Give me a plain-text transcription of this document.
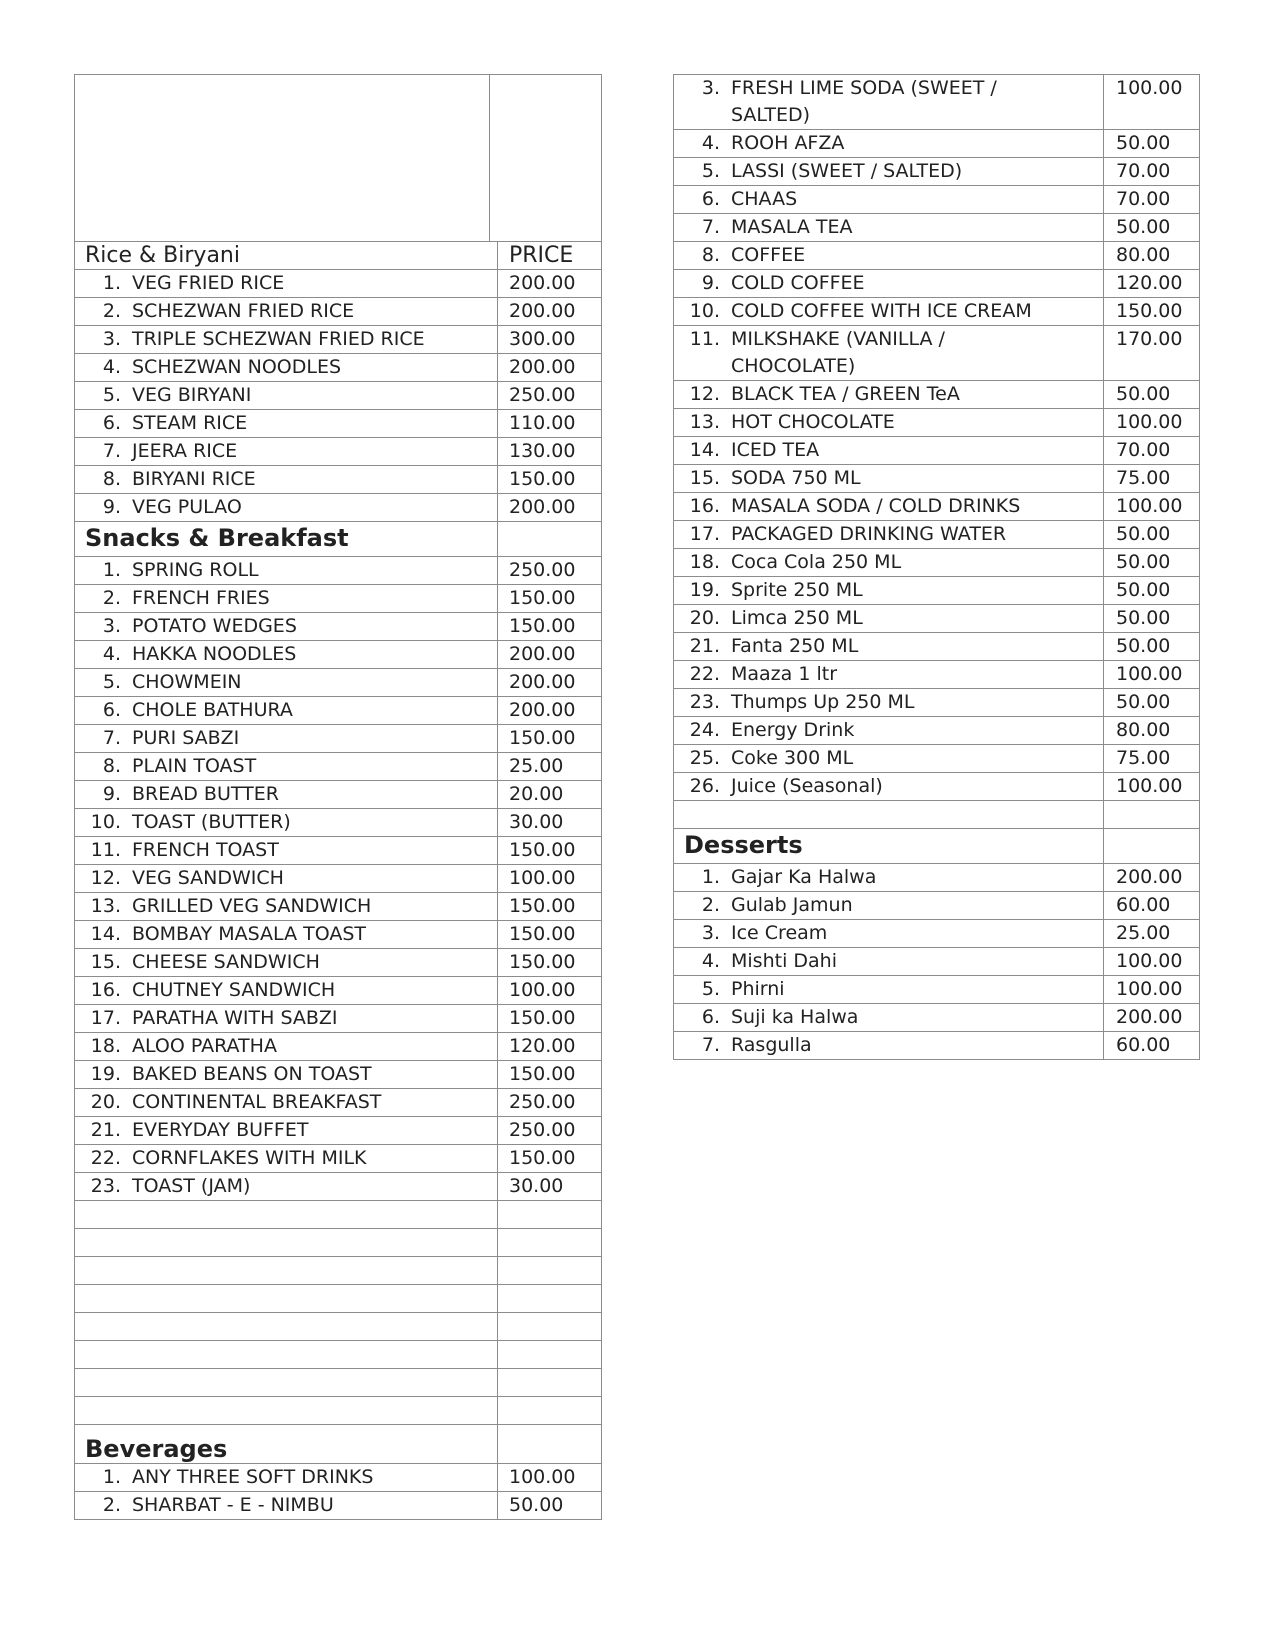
Rice & Biryani	PRICE
1. VEG FRIED RICE	200.00
2. SCHEZWAN FRIED RICE	200.00
3. TRIPLE SCHEZWAN FRIED RICE	300.00
4. SCHEZWAN NOODLES	200.00
5. VEG BIRYANI	250.00
6. STEAM RICE	110.00
7. JEERA RICE	130.00
8. BIRYANI RICE	150.00
9. VEG PULAO	200.00
Snacks & Breakfast	
1. SPRING ROLL	250.00
2. FRENCH FRIES	150.00
3. POTATO WEDGES	150.00
4. HAKKA NOODLES	200.00
5. CHOWMEIN	200.00
6. CHOLE BATHURA	200.00
7. PURI SABZI	150.00
8. PLAIN TOAST	25.00
9. BREAD BUTTER	20.00
10. TOAST (BUTTER)	30.00
11. FRENCH TOAST	150.00
12. VEG SANDWICH	100.00
13. GRILLED VEG SANDWICH	150.00
14. BOMBAY MASALA TOAST	150.00
15. CHEESE SANDWICH	150.00
16. CHUTNEY SANDWICH	100.00
17. PARATHA WITH SABZI	150.00
18. ALOO PARATHA	120.00
19. BAKED BEANS ON TOAST	150.00
20. CONTINENTAL BREAKFAST	250.00
21. EVERYDAY BUFFET	250.00
22. CORNFLAKES WITH MILK	150.00
23. TOAST (JAM)	30.00

Beverages	
1. ANY THREE SOFT DRINKS	100.00
2. SHARBAT - E - NIMBU	50.00
3. FRESH LIME SODA (SWEET / SALTED)	100.00
4. ROOH AFZA	50.00
5. LASSI (SWEET / SALTED)	70.00
6. CHAAS	70.00
7. MASALA TEA	50.00
8. COFFEE	80.00
9. COLD COFFEE	120.00
10. COLD COFFEE WITH ICE CREAM	150.00
11. MILKSHAKE (VANILLA / CHOCOLATE)	170.00
12. BLACK TEA / GREEN TeA	50.00
13. HOT CHOCOLATE	100.00
14. ICED TEA	70.00
15. SODA 750 ML	75.00
16. MASALA SODA / COLD DRINKS	100.00
17. PACKAGED DRINKING WATER	50.00
18. Coca Cola 250 ML	50.00
19. Sprite 250 ML	50.00
20. Limca 250 ML	50.00
21. Fanta 250 ML	50.00
22. Maaza 1 ltr	100.00
23. Thumps Up 250 ML	50.00
24. Energy Drink	80.00
25. Coke 300 ML	75.00
26. Juice (Seasonal)	100.00

Desserts	
1. Gajar Ka Halwa	200.00
2. Gulab Jamun	60.00
3. Ice Cream	25.00
4. Mishti Dahi	100.00
5. Phirni	100.00
6. Suji ka Halwa	200.00
7. Rasgulla	60.00
